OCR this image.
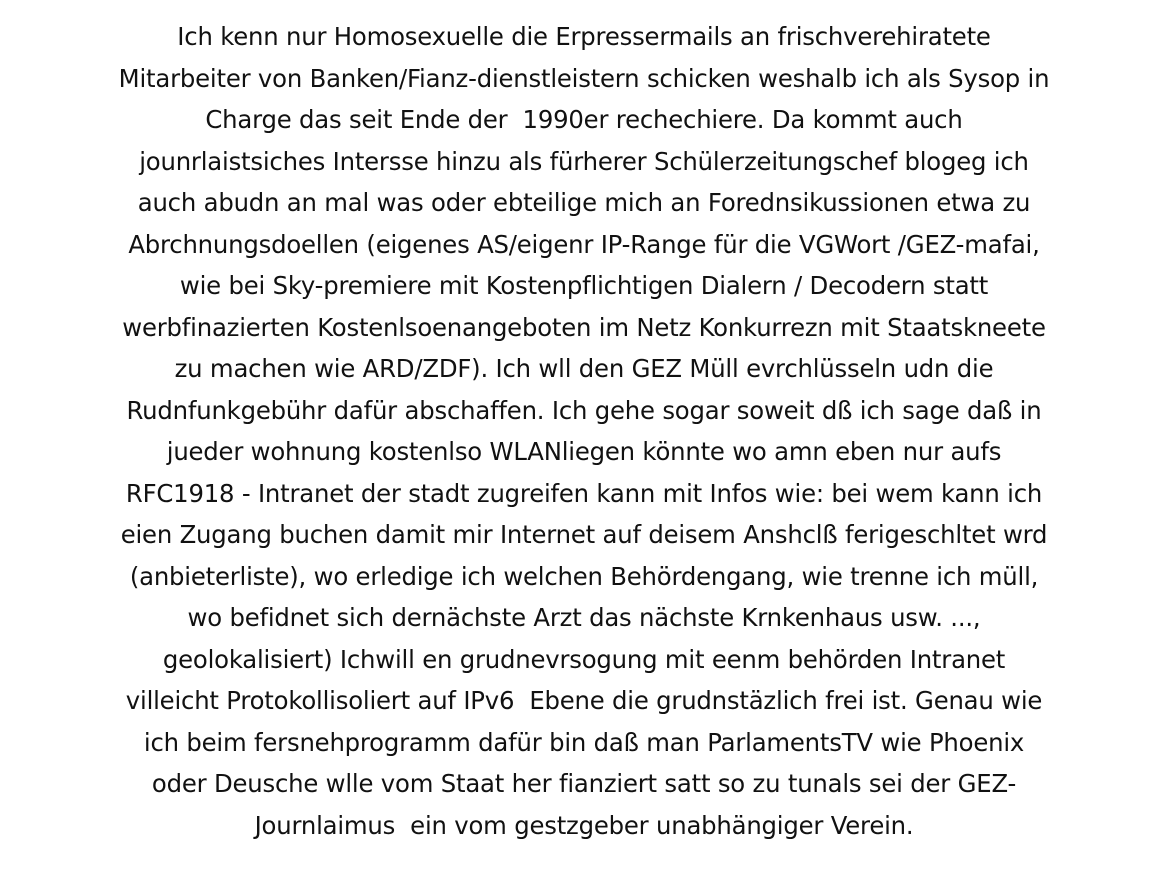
Ich kenn nur Homosexuelle die Erpressermails an frischverehiratete
Mitarbeiter von Banken/Fianz-dienstleistern schicken weshalb ich als Sysop in
Charge das seit Ende der  1990er rechechiere. Da kommt auch
jounrlaistsiches Intersse hinzu als fürherer Schülerzeitungschef blogeg ich
auch abudn an mal was oder ebteilige mich an Forednsikussionen etwa zu
Abrchnungsdoellen (eigenes AS/eigenr IP-Range für die VGWort /GEZ-mafai,
wie bei Sky-premiere mit Kostenpflichtigen Dialern / Decodern statt
werbfinazierten Kostenlsoenangeboten im Netz Konkurrezn mit Staatskneete
zu machen wie ARD/ZDF). Ich wll den GEZ Müll evrchlüsseln udn die
Rudnfunkgebühr dafür abschaffen. Ich gehe sogar soweit dß ich sage daß in
jueder wohnung kostenlso WLANliegen könnte wo amn eben nur aufs
RFC1918 - Intranet der stadt zugreifen kann mit Infos wie: bei wem kann ich
eien Zugang buchen damit mir Internet auf deisem Anshclß ferigeschltet wrd
(anbieterliste), wo erledige ich welchen Behördengang, wie trenne ich müll,
wo befidnet sich dernächste Arzt das nächste Krnkenhaus usw. ...,
geolokalisiert) Ichwill en grudnevrsogung mit eenm behörden Intranet
villeicht Protokollisoliert auf IPv6  Ebene die grudnstäzlich frei ist. Genau wie
ich beim fersnehprogramm dafür bin daß man ParlamentsTV wie Phoenix
oder Deusche wlle vom Staat her fianziert satt so zu tunals sei der GEZ-
Journlaimus  ein vom gestzgeber unabhängiger Verein.
